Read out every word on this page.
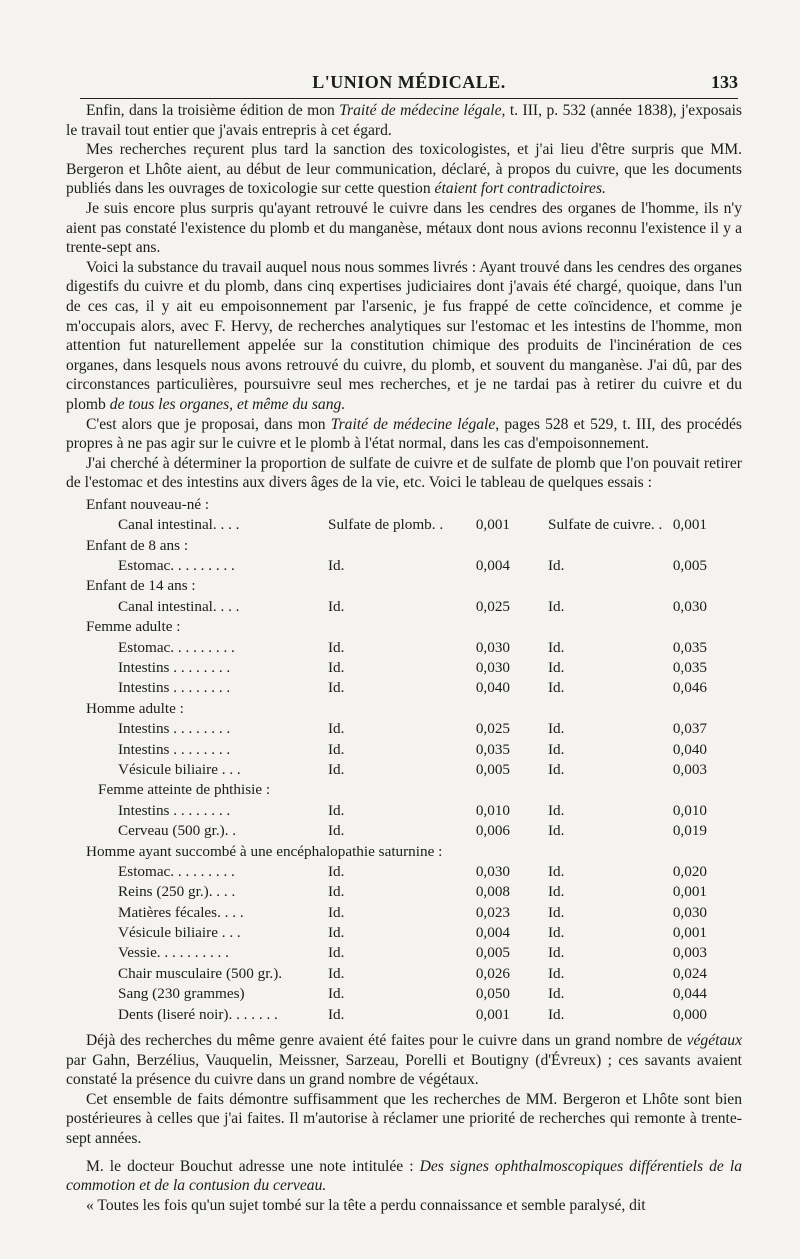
L'UNION MÉDICALE.	133

Enfin, dans la troisième édition de mon Traité de médecine légale, t. III, p. 532 (année 1838), j'exposais le travail tout entier que j'avais entrepris à cet égard.

Mes recherches reçurent plus tard la sanction des toxicologistes, et j'ai lieu d'être surpris que MM. Bergeron et Lhôte aient, au début de leur communication, déclaré, à propos du cuivre, que les documents publiés dans les ouvrages de toxicologie sur cette question étaient fort contradictoires.

Je suis encore plus surpris qu'ayant retrouvé le cuivre dans les cendres des organes de l'homme, ils n'y aient pas constaté l'existence du plomb et du manganèse, métaux dont nous avions reconnu l'existence il y a trente-sept ans.

Voici la substance du travail auquel nous nous sommes livrés : Ayant trouvé dans les cendres des organes digestifs du cuivre et du plomb, dans cinq expertises judiciaires dont j'avais été chargé, quoique, dans l'un de ces cas, il y ait eu empoisonnement par l'arsenic, je fus frappé de cette coïncidence, et comme je m'occupais alors, avec F. Hervy, de recherches analytiques sur l'estomac et les intestins de l'homme, mon attention fut naturellement appelée sur la constitution chimique des produits de l'incinération de ces organes, dans lesquels nous avons retrouvé du cuivre, du plomb, et souvent du manganèse. J'ai dû, par des circonstances particulières, poursuivre seul mes recherches, et je ne tardai pas à retirer du cuivre et du plomb de tous les organes, et même du sang.

C'est alors que je proposai, dans mon Traité de médecine légale, pages 528 et 529, t. III, des procédés propres à ne pas agir sur le cuivre et le plomb à l'état normal, dans les cas d'empoisonnement.

J'ai cherché à déterminer la proportion de sulfate de cuivre et de sulfate de plomb que l'on pouvait retirer de l'estomac et des intestins aux divers âges de la vie, etc. Voici le tableau de quelques essais :

Enfant nouveau-né :
Canal intestinal. . . .	Sulfate de plomb. .	0,001	Sulfate de cuivre. . 0,001
Enfant de 8 ans :
Estomac. . . . . . . . .	Id.	0,004	Id.	0,005
Enfant de 14 ans :
Canal intestinal. . . .	Id.	0,025	Id.	0,030
Femme adulte :
Estomac. . . . . . . . .	Id.	0,030	Id.	0,035
Intestins . . . . . . . .	Id.	0,030	Id.	0,035
Intestins . . . . . . . .	Id.	0,040	Id.	0,046
Homme adulte :
Intestins . . . . . . . .	Id.	0,025	Id.	0,037
Intestins . . . . . . . .	Id.	0,035	Id.	0,040
Vésicule biliaire . . .	Id.	0,005	Id.	0,003
Femme atteinte de phthisie :
Intestins . . . . . . . .	Id.	0,010	Id.	0,010
Cerveau (500 gr.). .	Id.	0,006	Id.	0,019
Homme ayant succombé à une encéphalopathie saturnine :
Estomac. . . . . . . . .	Id.	0,030	Id.	0,020
Reins (250 gr.). . . .	Id.	0,008	Id.	0,001
Matières fécales. . . .	Id.	0,023	Id.	0,030
Vésicule biliaire . . .	Id.	0,004	Id.	0,001
Vessie. . . . . . . . . .	Id.	0,005	Id.	0,003
Chair musculaire (500 gr.).	Id.	0,026	Id.	0,024
Sang (230 grammes)	Id.	0,050	Id.	0,044
Dents (liseré noir). . . . . . .	Id.	0,001	Id.	0,000

Déjà des recherches du même genre avaient été faites pour le cuivre dans un grand nombre de végétaux par Gahn, Berzélius, Vauquelin, Meissner, Sarzeau, Porelli et Boutigny (d'Évreux) ; ces savants avaient constaté la présence du cuivre dans un grand nombre de végétaux.

Cet ensemble de faits démontre suffisamment que les recherches de MM. Bergeron et Lhôte sont bien postérieures à celles que j'ai faites. Il m'autorise à réclamer une priorité de recherches qui remonte à trente-sept années.

M. le docteur Bouchut adresse une note intitulée : Des signes ophthalmoscopiques différentiels de la commotion et de la contusion du cerveau.

« Toutes les fois qu'un sujet tombé sur la tête a perdu connaissance et semble paralysé, dit
